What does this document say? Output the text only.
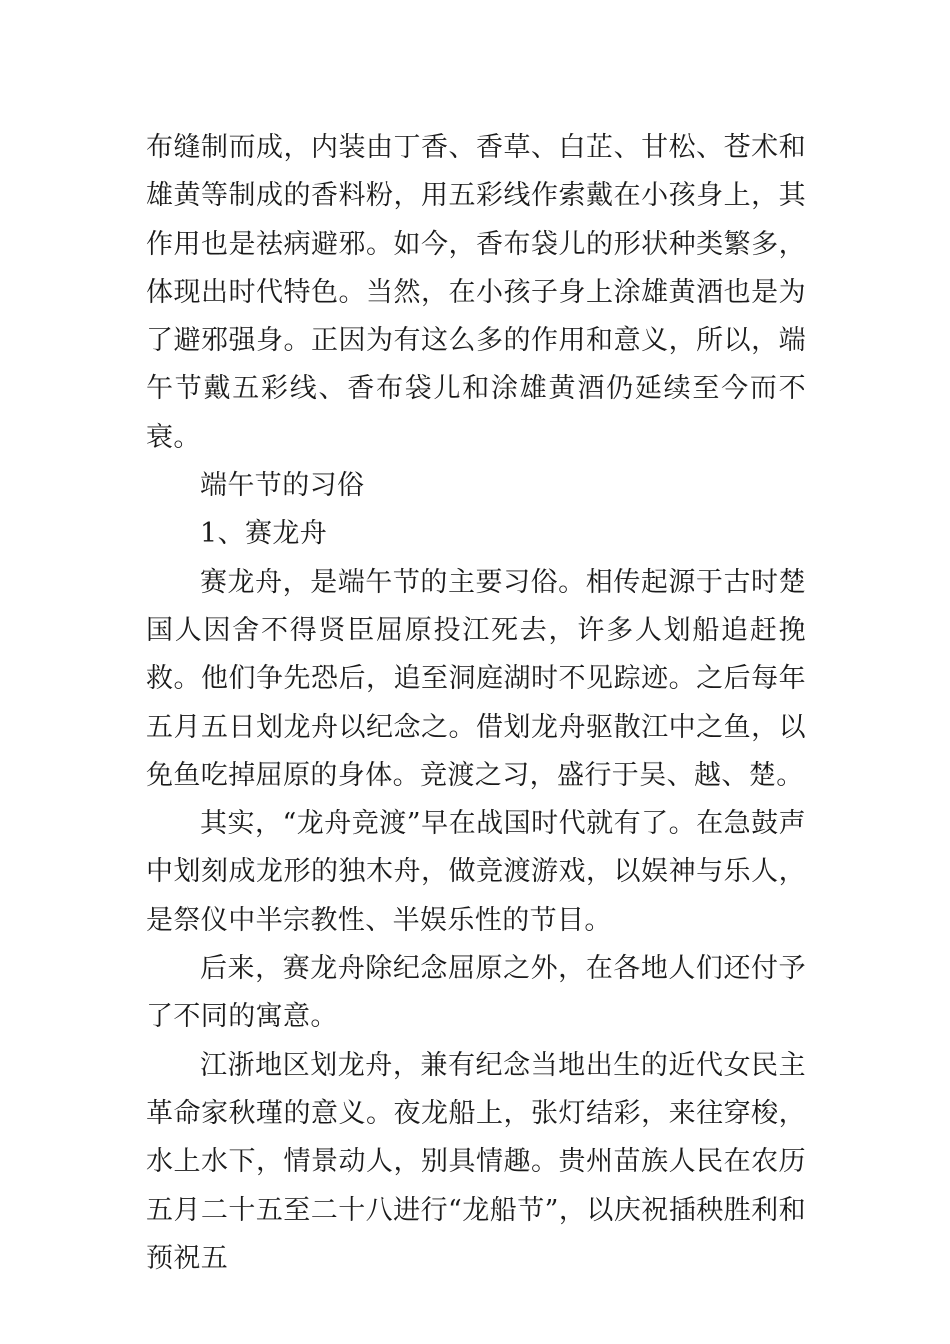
布缝制而成，内装由丁香、香草、白芷、甘松、苍术和雄黄等制成的香料粉，用五彩线作索戴在小孩身上，其作用也是祛病避邪。如今，香布袋儿的形状种类繁多，体现出时代特色。当然，在小孩子身上涂雄黄酒也是为了避邪强身。正因为有这么多的作用和意义，所以，端午节戴五彩线、香布袋儿和涂雄黄酒仍延续至今而不衰。

端午节的习俗

1、赛龙舟

赛龙舟，是端午节的主要习俗。相传起源于古时楚国人因舍不得贤臣屈原投江死去，许多人划船追赶挽救。他们争先恐后，追至洞庭湖时不见踪迹。之后每年五月五日划龙舟以纪念之。借划龙舟驱散江中之鱼，以免鱼吃掉屈原的身体。竞渡之习，盛行于吴、越、楚。

其实，“龙舟竞渡”早在战国时代就有了。在急鼓声中划刻成龙形的独木舟，做竞渡游戏，以娱神与乐人，是祭仪中半宗教性、半娱乐性的节目。

后来，赛龙舟除纪念屈原之外，在各地人们还付予了不同的寓意。

江浙地区划龙舟，兼有纪念当地出生的近代女民主革命家秋瑾的意义。夜龙船上，张灯结彩，来往穿梭，水上水下，情景动人，别具情趣。贵州苗族人民在农历五月二十五至二十八进行“龙船节”，以庆祝插秧胜利和预祝五
